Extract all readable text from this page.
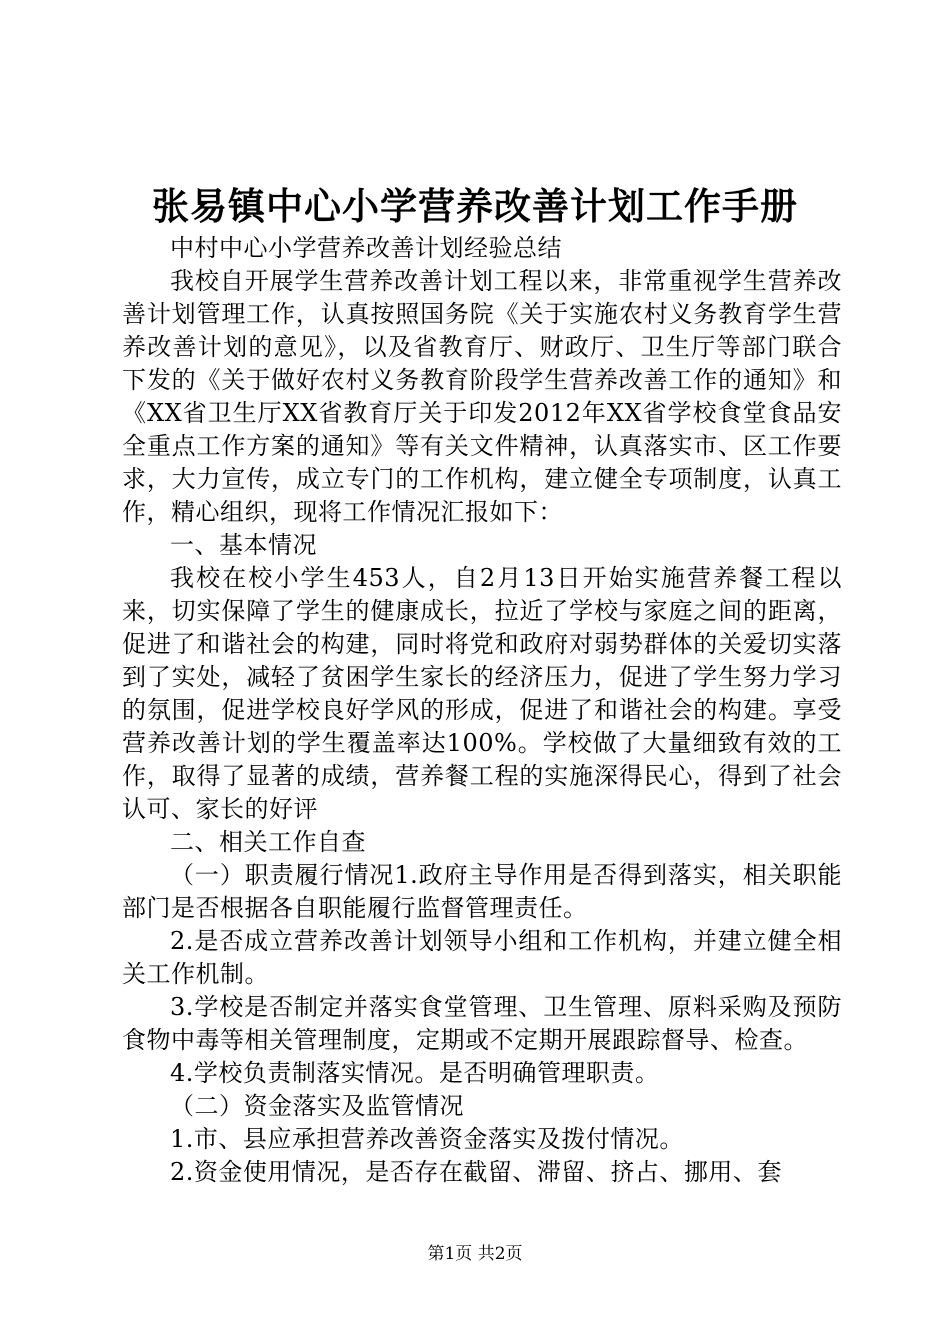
张易镇中心小学营养改善计划工作手册

中村中心小学营养改善计划经验总结

我校自开展学生营养改善计划工程以来，非常重视学生营养改善计划管理工作，认真按照国务院《关于实施农村义务教育学生营养改善计划的意见》，以及省教育厅、财政厅、卫生厅等部门联合下发的《关于做好农村义务教育阶段学生营养改善工作的通知》和《XX省卫生厅XX省教育厅关于印发2012年XX省学校食堂食品安全重点工作方案的通知》等有关文件精神，认真落实市、区工作要求，大力宣传，成立专门的工作机构，建立健全专项制度，认真工作，精心组织，现将工作情况汇报如下：

一、基本情况

我校在校小学生453人，自2月13日开始实施营养餐工程以来，切实保障了学生的健康成长，拉近了学校与家庭之间的距离，促进了和谐社会的构建，同时将党和政府对弱势群体的关爱切实落到了实处，减轻了贫困学生家长的经济压力，促进了学生努力学习的氛围，促进学校良好学风的形成，促进了和谐社会的构建。享受营养改善计划的学生覆盖率达100%。学校做了大量细致有效的工作，取得了显著的成绩，营养餐工程的实施深得民心，得到了社会认可、家长的好评

二、相关工作自查

（一）职责履行情况1.政府主导作用是否得到落实，相关职能部门是否根据各自职能履行监督管理责任。

2.是否成立营养改善计划领导小组和工作机构，并建立健全相关工作机制。

3.学校是否制定并落实食堂管理、卫生管理、原料采购及预防食物中毒等相关管理制度，定期或不定期开展跟踪督导、检查。

4.学校负责制落实情况。是否明确管理职责。

（二）资金落实及监管情况

1.市、县应承担营养改善资金落实及拨付情况。

2.资金使用情况，是否存在截留、滞留、挤占、挪用、套

第1页 共2页
